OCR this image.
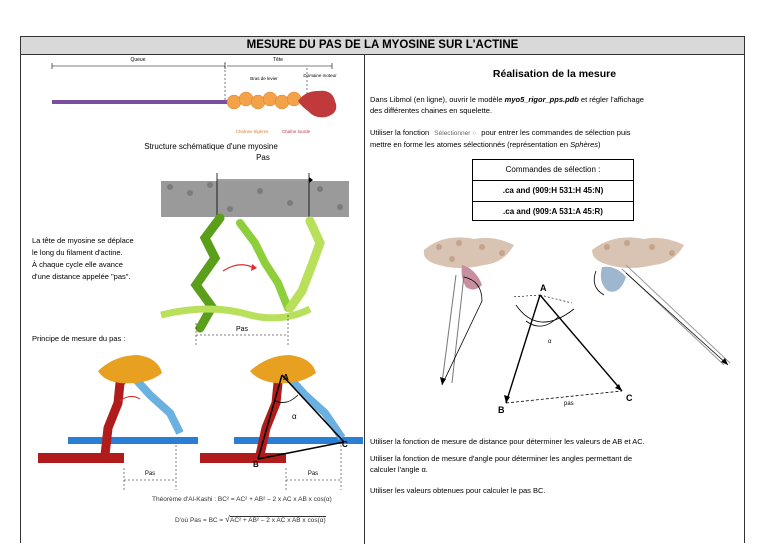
MESURE DU PAS DE LA MYOSINE SUR L'ACTINE
Queue	Tête
Bras de levier
Domaine moteur
Chaînes légères	Chaîne lourde
Structure schématique d'une myosine
Pas
Pas
Pas
A
B
C
α
Pas
La tête de myosine se déplace
le long du filament d'actine.
À chaque cycle elle avance
d'une distance appelée "pas".
Principe de mesure du pas :
Théorème d'Al-Kashi : BC² = AC² + AB² – 2 x AC x AB x cos(α)
D'où Pas = BC = √AC² + AB² – 2 x AC x AB x cos(α)
Réalisation de la mesure
Dans Libmol (en ligne), ouvrir le modèle myo5_rigor_pps.pdb et régler l'affichage
des différentes chaines en squelette.
Utiliser la fonction Sélectionner ○ pour entrer les commandes de sélection puis
mettre en forme les atomes sélectionnés (représentation en Sphères)
Commandes de sélection :
.ca and (909:H 531:H 45:N)
.ca and (909:A 531:A 45:R)
A
B
C
α
pas
Utiliser la fonction de mesure de distance pour déterminer les valeurs de AB et AC.
Utiliser la fonction de mesure d'angle pour déterminer les angles permettant de
calculer l'angle α.
Utiliser les valeurs obtenues pour calculer le pas BC.
